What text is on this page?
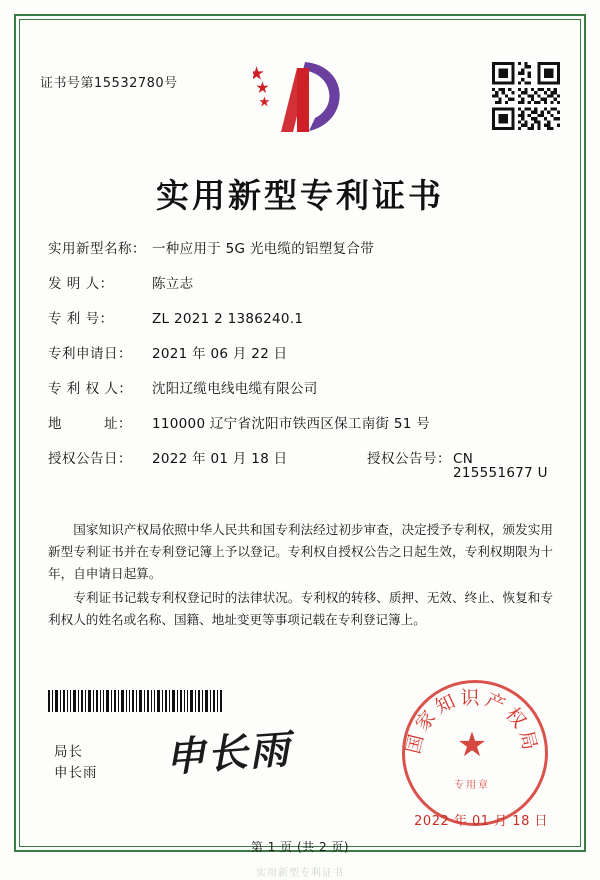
证书号第15532780号
实用新型专利证书
实用新型名称： 一种应用于 5G 光电缆的铝塑复合带
发 明 人：	陈立志
专 利 号：	ZL 2021 2 1386240.1
专利申请日：	2021 年 06 月 22 日
专 利 权 人：	沈阳辽缆电线电缆有限公司
地　　　址：	110000 辽宁省沈阳市铁西区保工南街 51 号
授权公告日：	2022 年 01 月 18 日	授权公告号： CN 215551677 U

国家知识产权局依照中华人民共和国专利法经过初步审查，决定授予专利权，颁发实用新型专利证书并在专利登记簿上予以登记。专利权自授权公告之日起生效，专利权期限为十年，自申请日起算。

专利证书记载专利权登记时的法律状况。专利权的转移、质押、无效、终止、恢复和专利权人的姓名或名称、国籍、地址变更等事项记载在专利登记簿上。

局长
申长雨 申长雨	国家知识产权局
★
专用章
2022 年 01 月 18 日
第 1 页 (共 2 页)
实用新型专利证书
